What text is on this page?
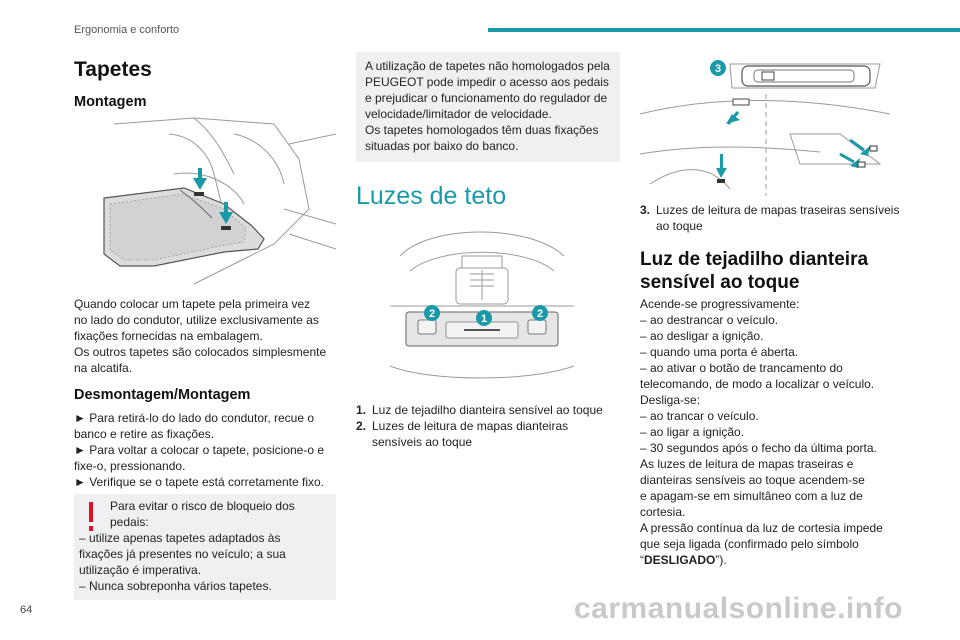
Ergonomia e conforto
Tapetes
Montagem
Quando colocar um tapete pela primeira vez
no lado do condutor, utilize exclusivamente as
fixações fornecidas na embalagem.
Os outros tapetes são colocados simplesmente
na alcatifa.
Desmontagem/Montagem
► Para retirá-lo do lado do condutor, recue o
banco e retire as fixações.
► Para voltar a colocar o tapete, posicione-o e
fixe-o, pressionando.
► Verifique se o tapete está corretamente fixo.
Para evitar o risco de bloqueio dos
pedais:
– utilize apenas tapetes adaptados às
fixações já presentes no veículo; a sua
utilização é imperativa.
– Nunca sobreponha vários tapetes.
A utilização de tapetes não homologados pela
PEUGEOT pode impedir o acesso aos pedais
e prejudicar o funcionamento do regulador de
velocidade/limitador de velocidade.
Os tapetes homologados têm duas fixações
situadas por baixo do banco.
Luzes de teto
2	1	2
1. Luz de tejadilho dianteira sensível ao toque
2. Luzes de leitura de mapas dianteiras
sensíveis ao toque
3
3. Luzes de leitura de mapas traseiras sensíveis
ao toque
Luz de tejadilho dianteira
sensível ao toque
Acende-se progressivamente:
– ao destrancar o veículo.
– ao desligar a ignição.
– quando uma porta é aberta.
– ao ativar o botão de trancamento do
telecomando, de modo a localizar o veículo.
Desliga-se:
– ao trancar o veículo.
– ao ligar a ignição.
– 30 segundos após o fecho da última porta.
As luzes de leitura de mapas traseiras e
dianteiras sensíveis ao toque acendem-se
e apagam-se em simultâneo com a luz de
cortesia.
A pressão contínua da luz de cortesia impede
que seja ligada (confirmado pelo símbolo
“DESLIGADO”).
64	carmanualsonline.info
